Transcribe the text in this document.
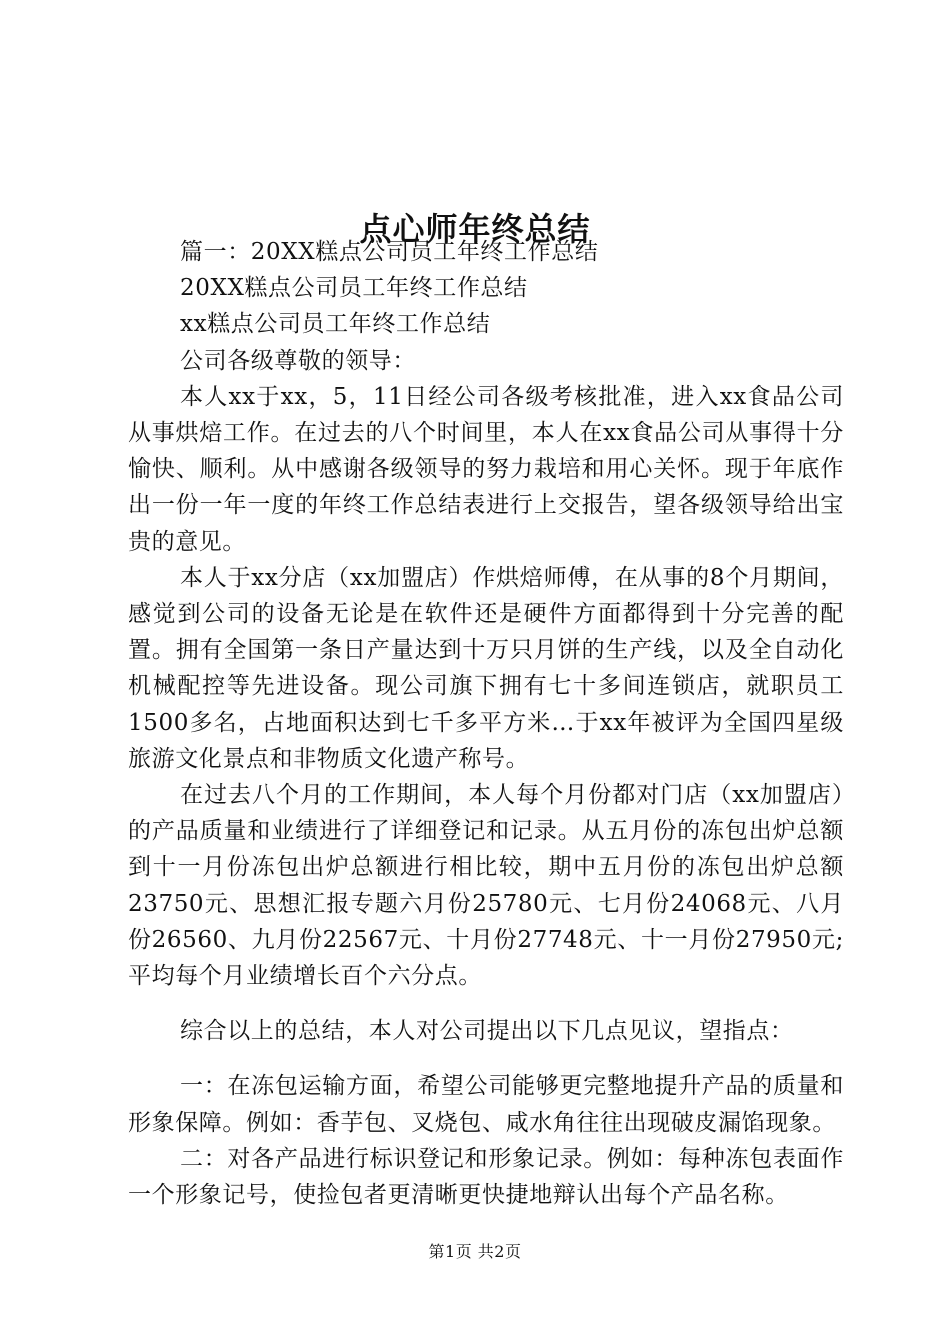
点心师年终总结

篇一：20XX糕点公司员工年终工作总结

20XX糕点公司员工年终工作总结

xx糕点公司员工年终工作总结

公司各级尊敬的领导：

本人xx于xx，5，11日经公司各级考核批准，进入xx食品公司从事烘焙工作。在过去的八个时间里，本人在xx食品公司从事得十分愉快、顺利。从中感谢各级领导的努力栽培和用心关怀。现于年底作出一份一年一度的年终工作总结表进行上交报告，望各级领导给出宝贵的意见。

本人于xx分店（xx加盟店）作烘焙师傅，在从事的8个月期间，感觉到公司的设备无论是在软件还是硬件方面都得到十分完善的配置。拥有全国第一条日产量达到十万只月饼的生产线，以及全自动化机械配控等先进设备。现公司旗下拥有七十多间连锁店，就职员工1500多名，占地面积达到七千多平方米…于xx年被评为全国四星级旅游文化景点和非物质文化遗产称号。

在过去八个月的工作期间，本人每个月份都对门店（xx加盟店）的产品质量和业绩进行了详细登记和记录。从五月份的冻包出炉总额到十一月份冻包出炉总额进行相比较，期中五月份的冻包出炉总额23750元、思想汇报专题六月份25780元、七月份24068元、八月份26560、九月份22567元、十月份27748元、十一月份27950元;平均每个月业绩增长百个六分点。

综合以上的总结，本人对公司提出以下几点见议，望指点：

一：在冻包运输方面，希望公司能够更完整地提升产品的质量和形象保障。例如：香芋包、叉烧包、咸水角往往出现破皮漏馅现象。

二：对各产品进行标识登记和形象记录。例如：每种冻包表面作一个形象记号，使捡包者更清晰更快捷地辩认出每个产品名称。

第1页 共2页
